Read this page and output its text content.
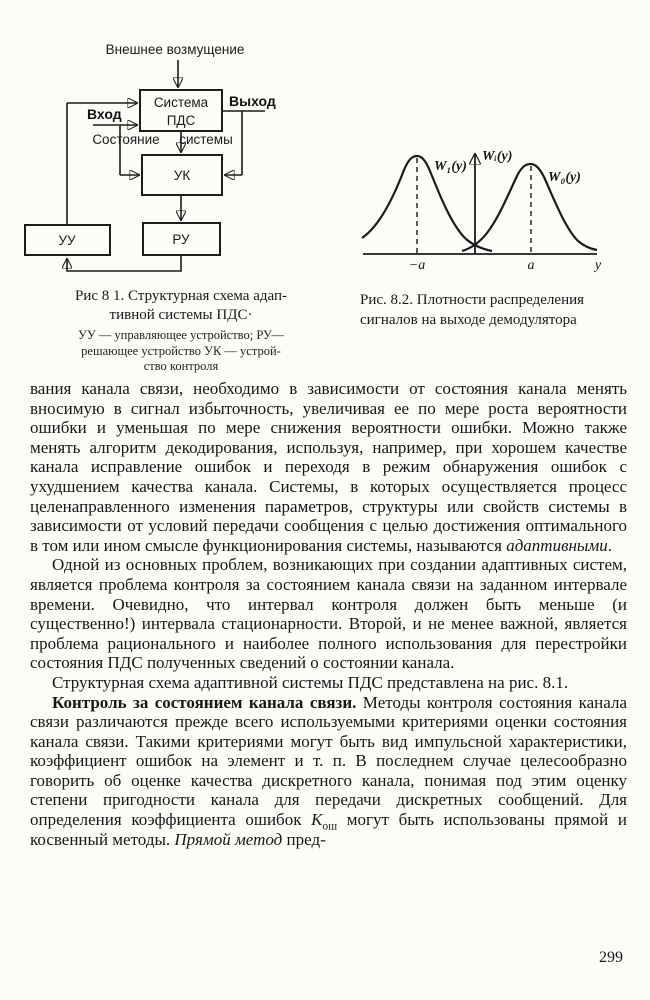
Внешнее возмущение
Система
ПДС
Выход
Вход
Состояние системы
УК
РУ
УУ
Рис 8 1. Структурная схема адап-
тивной системы ПДС·
УУ — управляющее устройство; РУ—
решающее устройство УК — устрой-
ство контроля
W₁(y)
Wᵢ(y)
W₀(y)
−a	a	y
Рис. 8.2. Плотности распределения
сигналов на выходе демодулятора

вания канала связи, необходимо в зависимости от состояния канала менять вносимую в сигнал избыточность, увеличивая ее по мере роста вероятности ошибки и уменьшая по мере снижения вероятности ошибки. Можно также менять алгоритм декодирования, используя, например, при хорошем качестве канала исправление ошибок и переходя в режим обнаружения ошибок с ухудшением качества канала. Системы, в которых осуществляется процесс целенаправленного изменения параметров, структуры или свойств системы в зависимости от условий передачи сообщения с целью достижения оптимального в том или ином смысле функционирования системы, называются адаптивными.

Одной из основных проблем, возникающих при создании адаптивных систем, является проблема контроля за состоянием канала связи на заданном интервале времени. Очевидно, что интервал контроля должен быть меньше (и существенно!) интервала стационарности. Второй, и не менее важной, является проблема рационального и наиболее полного использования для перестройки состояния ПДС полученных сведений о состоянии канала.

Структурная схема адаптивной системы ПДС представлена на рис. 8.1.

Контроль за состоянием канала связи. Методы контроля состояния канала связи различаются прежде всего используемыми критериями оценки состояния канала связи. Такими критериями могут быть вид импульсной характеристики, коэффициент ошибок на элемент и т. п. В последнем случае целесообразно говорить об оценке качества дискретного канала, понимая под этим оценку степени пригодности канала для передачи дискретных сообщений. Для определения коэффициента ошибок $К_{ош}$ могут быть использованы прямой и косвенный методы. Прямой метод пред-

299
